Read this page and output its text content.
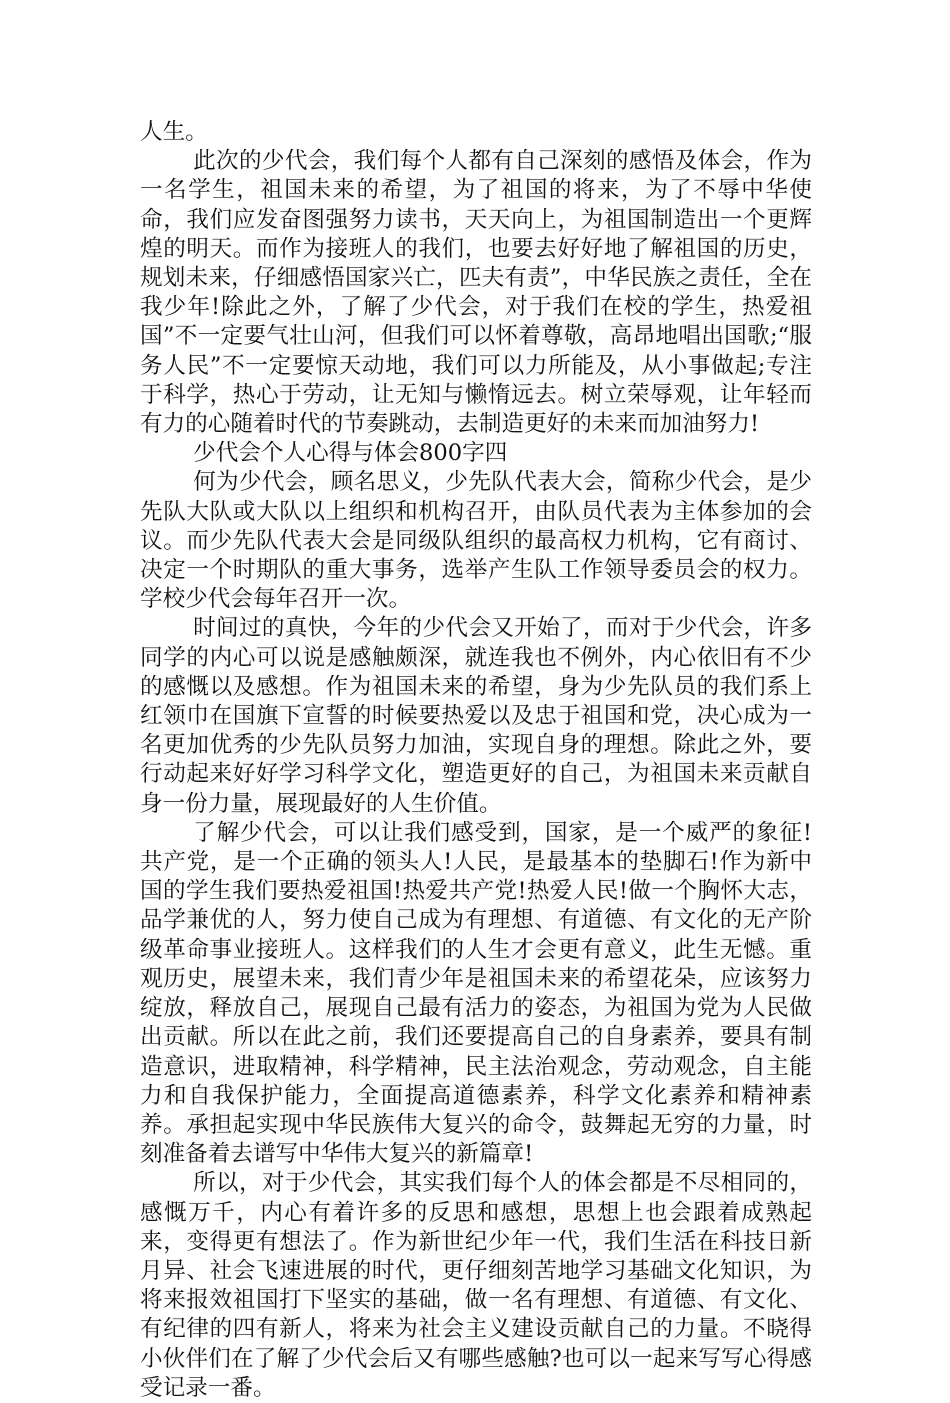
人生。

此次的少代会，我们每个人都有自己深刻的感悟及体会，作为一名学生，祖国未来的希望，为了祖国的将来，为了不辱中华使命，我们应发奋图强努力读书，天天向上，为祖国制造出一个更辉煌的明天。而作为接班人的我们，也要去好好地了解祖国的历史，规划未来，仔细感悟国家兴亡，匹夫有责”，中华民族之责任，全在我少年!除此之外，了解了少代会，对于我们在校的学生，热爱祖国”不一定要气壮山河，但我们可以怀着尊敬，高昂地唱出国歌;“服务人民”不一定要惊天动地，我们可以力所能及，从小事做起;专注于科学，热心于劳动，让无知与懒惰远去。树立荣辱观，让年轻而有力的心随着时代的节奏跳动，去制造更好的未来而加油努力!

少代会个人心得与体会800字四

何为少代会，顾名思义，少先队代表大会，简称少代会，是少先队大队或大队以上组织和机构召开，由队员代表为主体参加的会议。而少先队代表大会是同级队组织的最高权力机构，它有商讨、决定一个时期队的重大事务，选举产生队工作领导委员会的权力。学校少代会每年召开一次。

时间过的真快，今年的少代会又开始了，而对于少代会，许多同学的内心可以说是感触颇深，就连我也不例外，内心依旧有不少的感慨以及感想。作为祖国未来的希望，身为少先队员的我们系上红领巾在国旗下宣誓的时候要热爱以及忠于祖国和党，决心成为一名更加优秀的少先队员努力加油，实现自身的理想。除此之外，要行动起来好好学习科学文化，塑造更好的自己，为祖国未来贡献自身一份力量，展现最好的人生价值。

了解少代会，可以让我们感受到，国家，是一个威严的象征!共产党，是一个正确的领头人!人民，是最基本的垫脚石!作为新中国的学生我们要热爱祖国!热爱共产党!热爱人民!做一个胸怀大志，品学兼优的人，努力使自己成为有理想、有道德、有文化的无产阶级革命事业接班人。这样我们的人生才会更有意义，此生无憾。重观历史，展望未来，我们青少年是祖国未来的希望花朵，应该努力绽放，释放自己，展现自己最有活力的姿态，为祖国为党为人民做出贡献。所以在此之前，我们还要提高自己的自身素养，要具有制造意识，进取精神，科学精神，民主法治观念，劳动观念，自主能力和自我保护能力，全面提高道德素养，科学文化素养和精神素养。承担起实现中华民族伟大复兴的命令，鼓舞起无穷的力量，时刻准备着去谱写中华伟大复兴的新篇章!

所以，对于少代会，其实我们每个人的体会都是不尽相同的，感慨万千，内心有着许多的反思和感想，思想上也会跟着成熟起来，变得更有想法了。作为新世纪少年一代，我们生活在科技日新月异、社会飞速进展的时代，更仔细刻苦地学习基础文化知识，为将来报效祖国打下坚实的基础，做一名有理想、有道德、有文化、有纪律的四有新人，将来为社会主义建设贡献自己的力量。不晓得小伙伴们在了解了少代会后又有哪些感触?也可以一起来写写心得感受记录一番。
